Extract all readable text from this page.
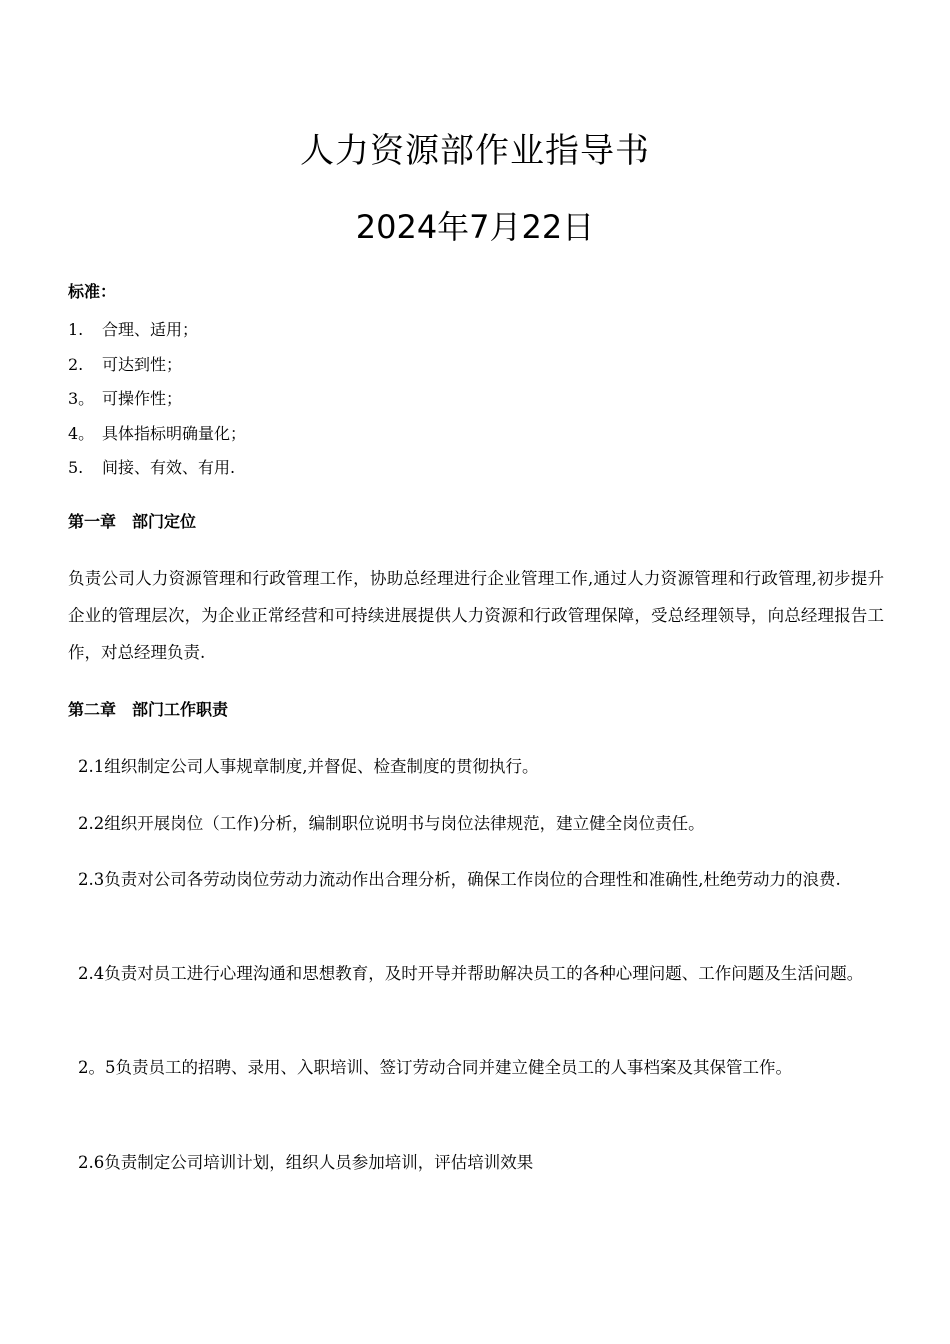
人力资源部作业指导书
2024年7月22日
标准：
1. 合理、适用；
2. 可达到性；
3。 可操作性；
4。 具体指标明确量化；
5. 间接、有效、有用.
第一章　部门定位

负责公司人力资源管理和行政管理工作，协助总经理进行企业管理工作,通过人力资源管理和行政管理,初步提升企业的管理层次，为企业正常经营和可持续进展提供人力资源和行政管理保障，受总经理领导，向总经理报告工作，对总经理负责.

第二章　部门工作职责

2.1组织制定公司人事规章制度,并督促、检查制度的贯彻执行。

2.2组织开展岗位（工作)分析，编制职位说明书与岗位法律规范，建立健全岗位责任。

2.3负责对公司各劳动岗位劳动力流动作出合理分析，确保工作岗位的合理性和准确性,杜绝劳动力的浪费.

2.4负责对员工进行心理沟通和思想教育，及时开导并帮助解决员工的各种心理问题、工作问题及生活问题。

2。5负责员工的招聘、录用、入职培训、签订劳动合同并建立健全员工的人事档案及其保管工作。

2.6负责制定公司培训计划，组织人员参加培训，评估培训效果
